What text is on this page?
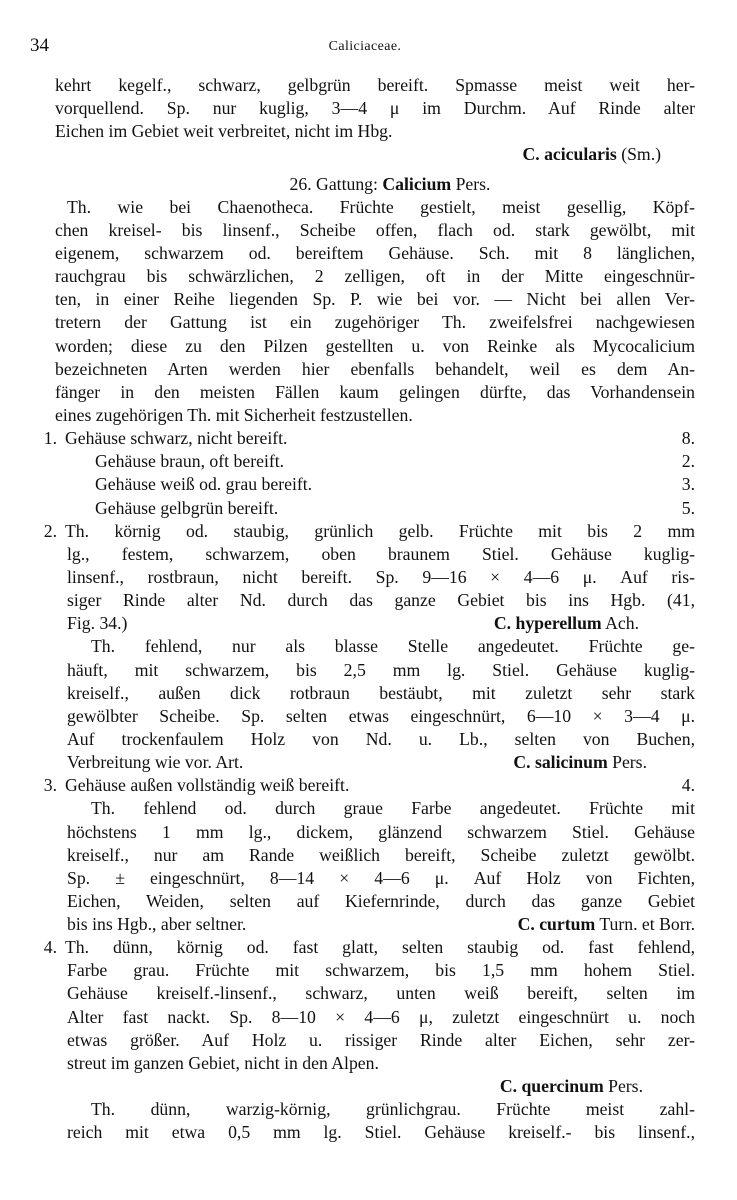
34	Caliciaceae.
kehrt kegelf., schwarz, gelbgrün bereift. Spmasse meist weit her-
vorquellend. Sp. nur kuglig, 3—4 μ im Durchm. Auf Rinde alter
Eichen im Gebiet weit verbreitet, nicht im Hbg.
C. acicularis (Sm.)
26. Gattung: Calicium Pers.
Th. wie bei Chaenotheca. Früchte gestielt, meist gesellig, Köpf-
chen kreisel- bis linsenf., Scheibe offen, flach od. stark gewölbt, mit
eigenem, schwarzem od. bereiftem Gehäuse. Sch. mit 8 länglichen,
rauchgrau bis schwärzlichen, 2 zelligen, oft in der Mitte eingeschnür-
ten, in einer Reihe liegenden Sp. P. wie bei vor. — Nicht bei allen Ver-
tretern der Gattung ist ein zugehöriger Th. zweifelsfrei nachgewiesen
worden; diese zu den Pilzen gestellten u. von Reinke als Mycocalicium
bezeichneten Arten werden hier ebenfalls behandelt, weil es dem An-
fänger in den meisten Fällen kaum gelingen dürfte, das Vorhandensein
eines zugehörigen Th. mit Sicherheit festzustellen.
1. Gehäuse schwarz, nicht bereift.	8.
Gehäuse braun, oft bereift.	2.
Gehäuse weiß od. grau bereift.	3.
Gehäuse gelbgrün bereift.	5.
2. Th. körnig od. staubig, grünlich gelb. Früchte mit bis 2 mm
lg., festem, schwarzem, oben braunem Stiel. Gehäuse kuglig-
linsenf., rostbraun, nicht bereift. Sp. 9—16 × 4—6 μ. Auf ris-
siger Rinde alter Nd. durch das ganze Gebiet bis ins Hgb. (41,
Fig. 34.)	C. hyperellum Ach.
Th. fehlend, nur als blasse Stelle angedeutet. Früchte ge-
häuft, mit schwarzem, bis 2,5 mm lg. Stiel. Gehäuse kuglig-
kreiself., außen dick rotbraun bestäubt, mit zuletzt sehr stark
gewölbter Scheibe. Sp. selten etwas eingeschnürt, 6—10 × 3—4 μ.
Auf trockenfaulem Holz von Nd. u. Lb., selten von Buchen,
Verbreitung wie vor. Art.	C. salicinum Pers.
3. Gehäuse außen vollständig weiß bereift.	4.
Th. fehlend od. durch graue Farbe angedeutet. Früchte mit
höchstens 1 mm lg., dickem, glänzend schwarzem Stiel. Gehäuse
kreiself., nur am Rande weißlich bereift, Scheibe zuletzt gewölbt.
Sp. ± eingeschnürt, 8—14 × 4—6 μ. Auf Holz von Fichten,
Eichen, Weiden, selten auf Kiefernrinde, durch das ganze Gebiet
bis ins Hgb., aber seltner.	C. curtum Turn. et Borr.
4. Th. dünn, körnig od. fast glatt, selten staubig od. fast fehlend,
Farbe grau. Früchte mit schwarzem, bis 1,5 mm hohem Stiel.
Gehäuse kreiself.-linsenf., schwarz, unten weiß bereift, selten im
Alter fast nackt. Sp. 8—10 × 4—6 μ, zuletzt eingeschnürt u. noch
etwas größer. Auf Holz u. rissiger Rinde alter Eichen, sehr zer-
streut im ganzen Gebiet, nicht in den Alpen.
C. quercinum Pers.
Th. dünn, warzig-körnig, grünlichgrau. Früchte meist zahl-
reich mit etwa 0,5 mm lg. Stiel. Gehäuse kreiself.- bis linsenf.,
